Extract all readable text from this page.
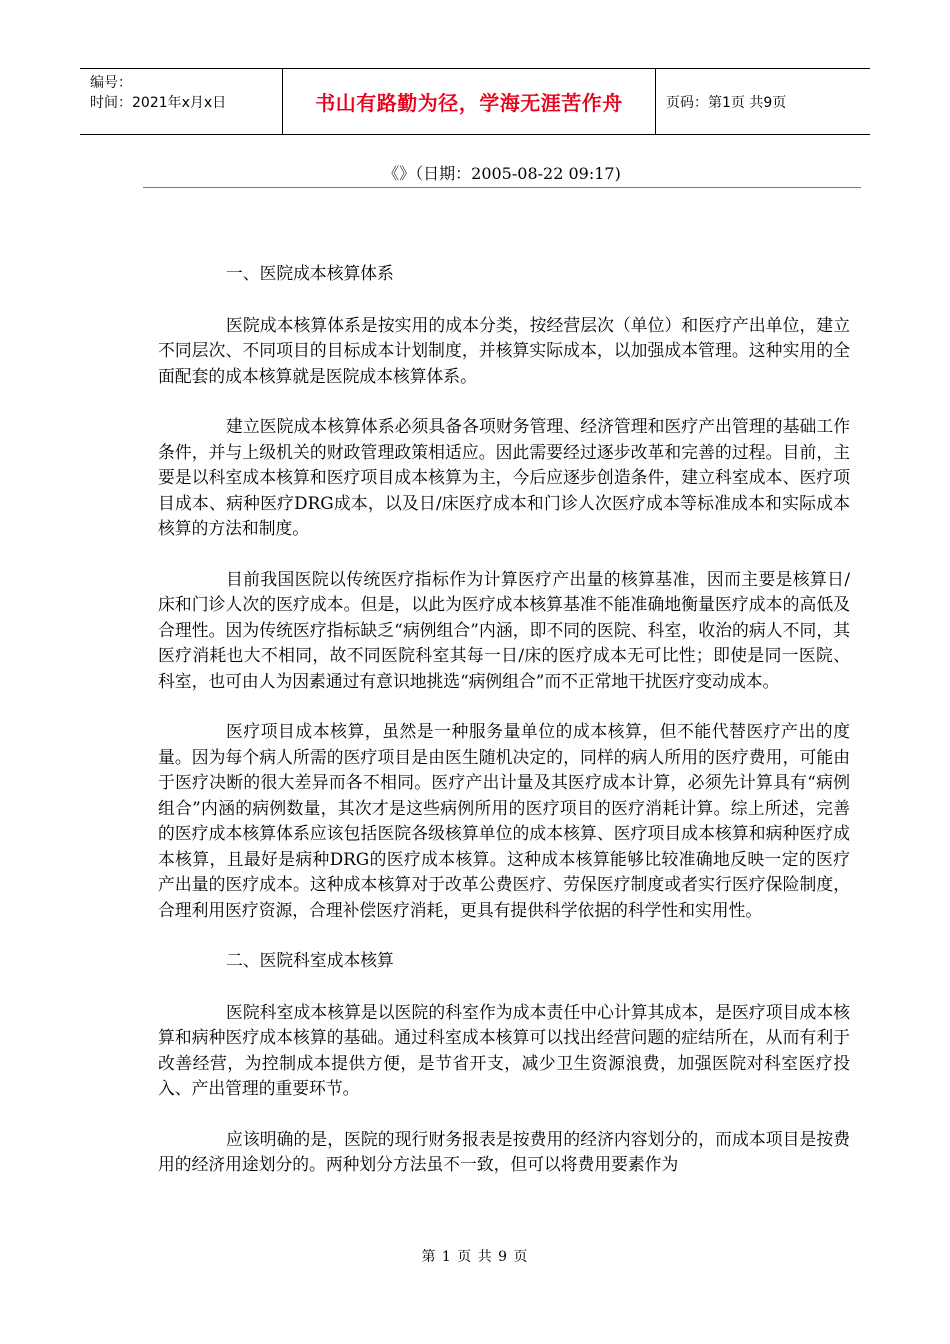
编号：
时间：2021年x月x日	书山有路勤为径，学海无涯苦作舟	页码：第1页 共9页
《》（日期：2005-08-22 09:17)

一、医院成本核算体系

医院成本核算体系是按实用的成本分类，按经营层次（单位）和医疗产出单位，建立不同层次、不同项目的目标成本计划制度，并核算实际成本，以加强成本管理。这种实用的全面配套的成本核算就是医院成本核算体系。

建立医院成本核算体系必须具备各项财务管理、经济管理和医疗产出管理的基础工作条件，并与上级机关的财政管理政策相适应。因此需要经过逐步改革和完善的过程。目前，主要是以科室成本核算和医疗项目成本核算为主，今后应逐步创造条件，建立科室成本、医疗项目成本、病种医疗DRG成本，以及日/床医疗成本和门诊人次医疗成本等标准成本和实际成本核算的方法和制度。

目前我国医院以传统医疗指标作为计算医疗产出量的核算基准，因而主要是核算日/床和门诊人次的医疗成本。但是，以此为医疗成本核算基准不能准确地衡量医疗成本的高低及合理性。因为传统医疗指标缺乏“病例组合”内涵，即不同的医院、科室，收治的病人不同，其医疗消耗也大不相同，故不同医院科室其每一日/床的医疗成本无可比性；即使是同一医院、科室，也可由人为因素通过有意识地挑选“病例组合”而不正常地干扰医疗变动成本。

医疗项目成本核算，虽然是一种服务量单位的成本核算，但不能代替医疗产出的度量。因为每个病人所需的医疗项目是由医生随机决定的，同样的病人所用的医疗费用，可能由于医疗决断的很大差异而各不相同。医疗产出计量及其医疗成本计算，必须先计算具有“病例组合”内涵的病例数量，其次才是这些病例所用的医疗项目的医疗消耗计算。综上所述，完善的医疗成本核算体系应该包括医院各级核算单位的成本核算、医疗项目成本核算和病种医疗成本核算，且最好是病种DRG的医疗成本核算。这种成本核算能够比较准确地反映一定的医疗产出量的医疗成本。这种成本核算对于改革公费医疗、劳保医疗制度或者实行医疗保险制度，合理利用医疗资源，合理补偿医疗消耗，更具有提供科学依据的科学性和实用性。

二、医院科室成本核算

医院科室成本核算是以医院的科室作为成本责任中心计算其成本，是医疗项目成本核算和病种医疗成本核算的基础。通过科室成本核算可以找出经营问题的症结所在，从而有利于改善经营，为控制成本提供方便，是节省开支，减少卫生资源浪费，加强医院对科室医疗投入、产出管理的重要环节。

应该明确的是，医院的现行财务报表是按费用的经济内容划分的，而成本项目是按费用的经济用途划分的。两种划分方法虽不一致，但可以将费用要素作为

第 1 页 共 9 页
